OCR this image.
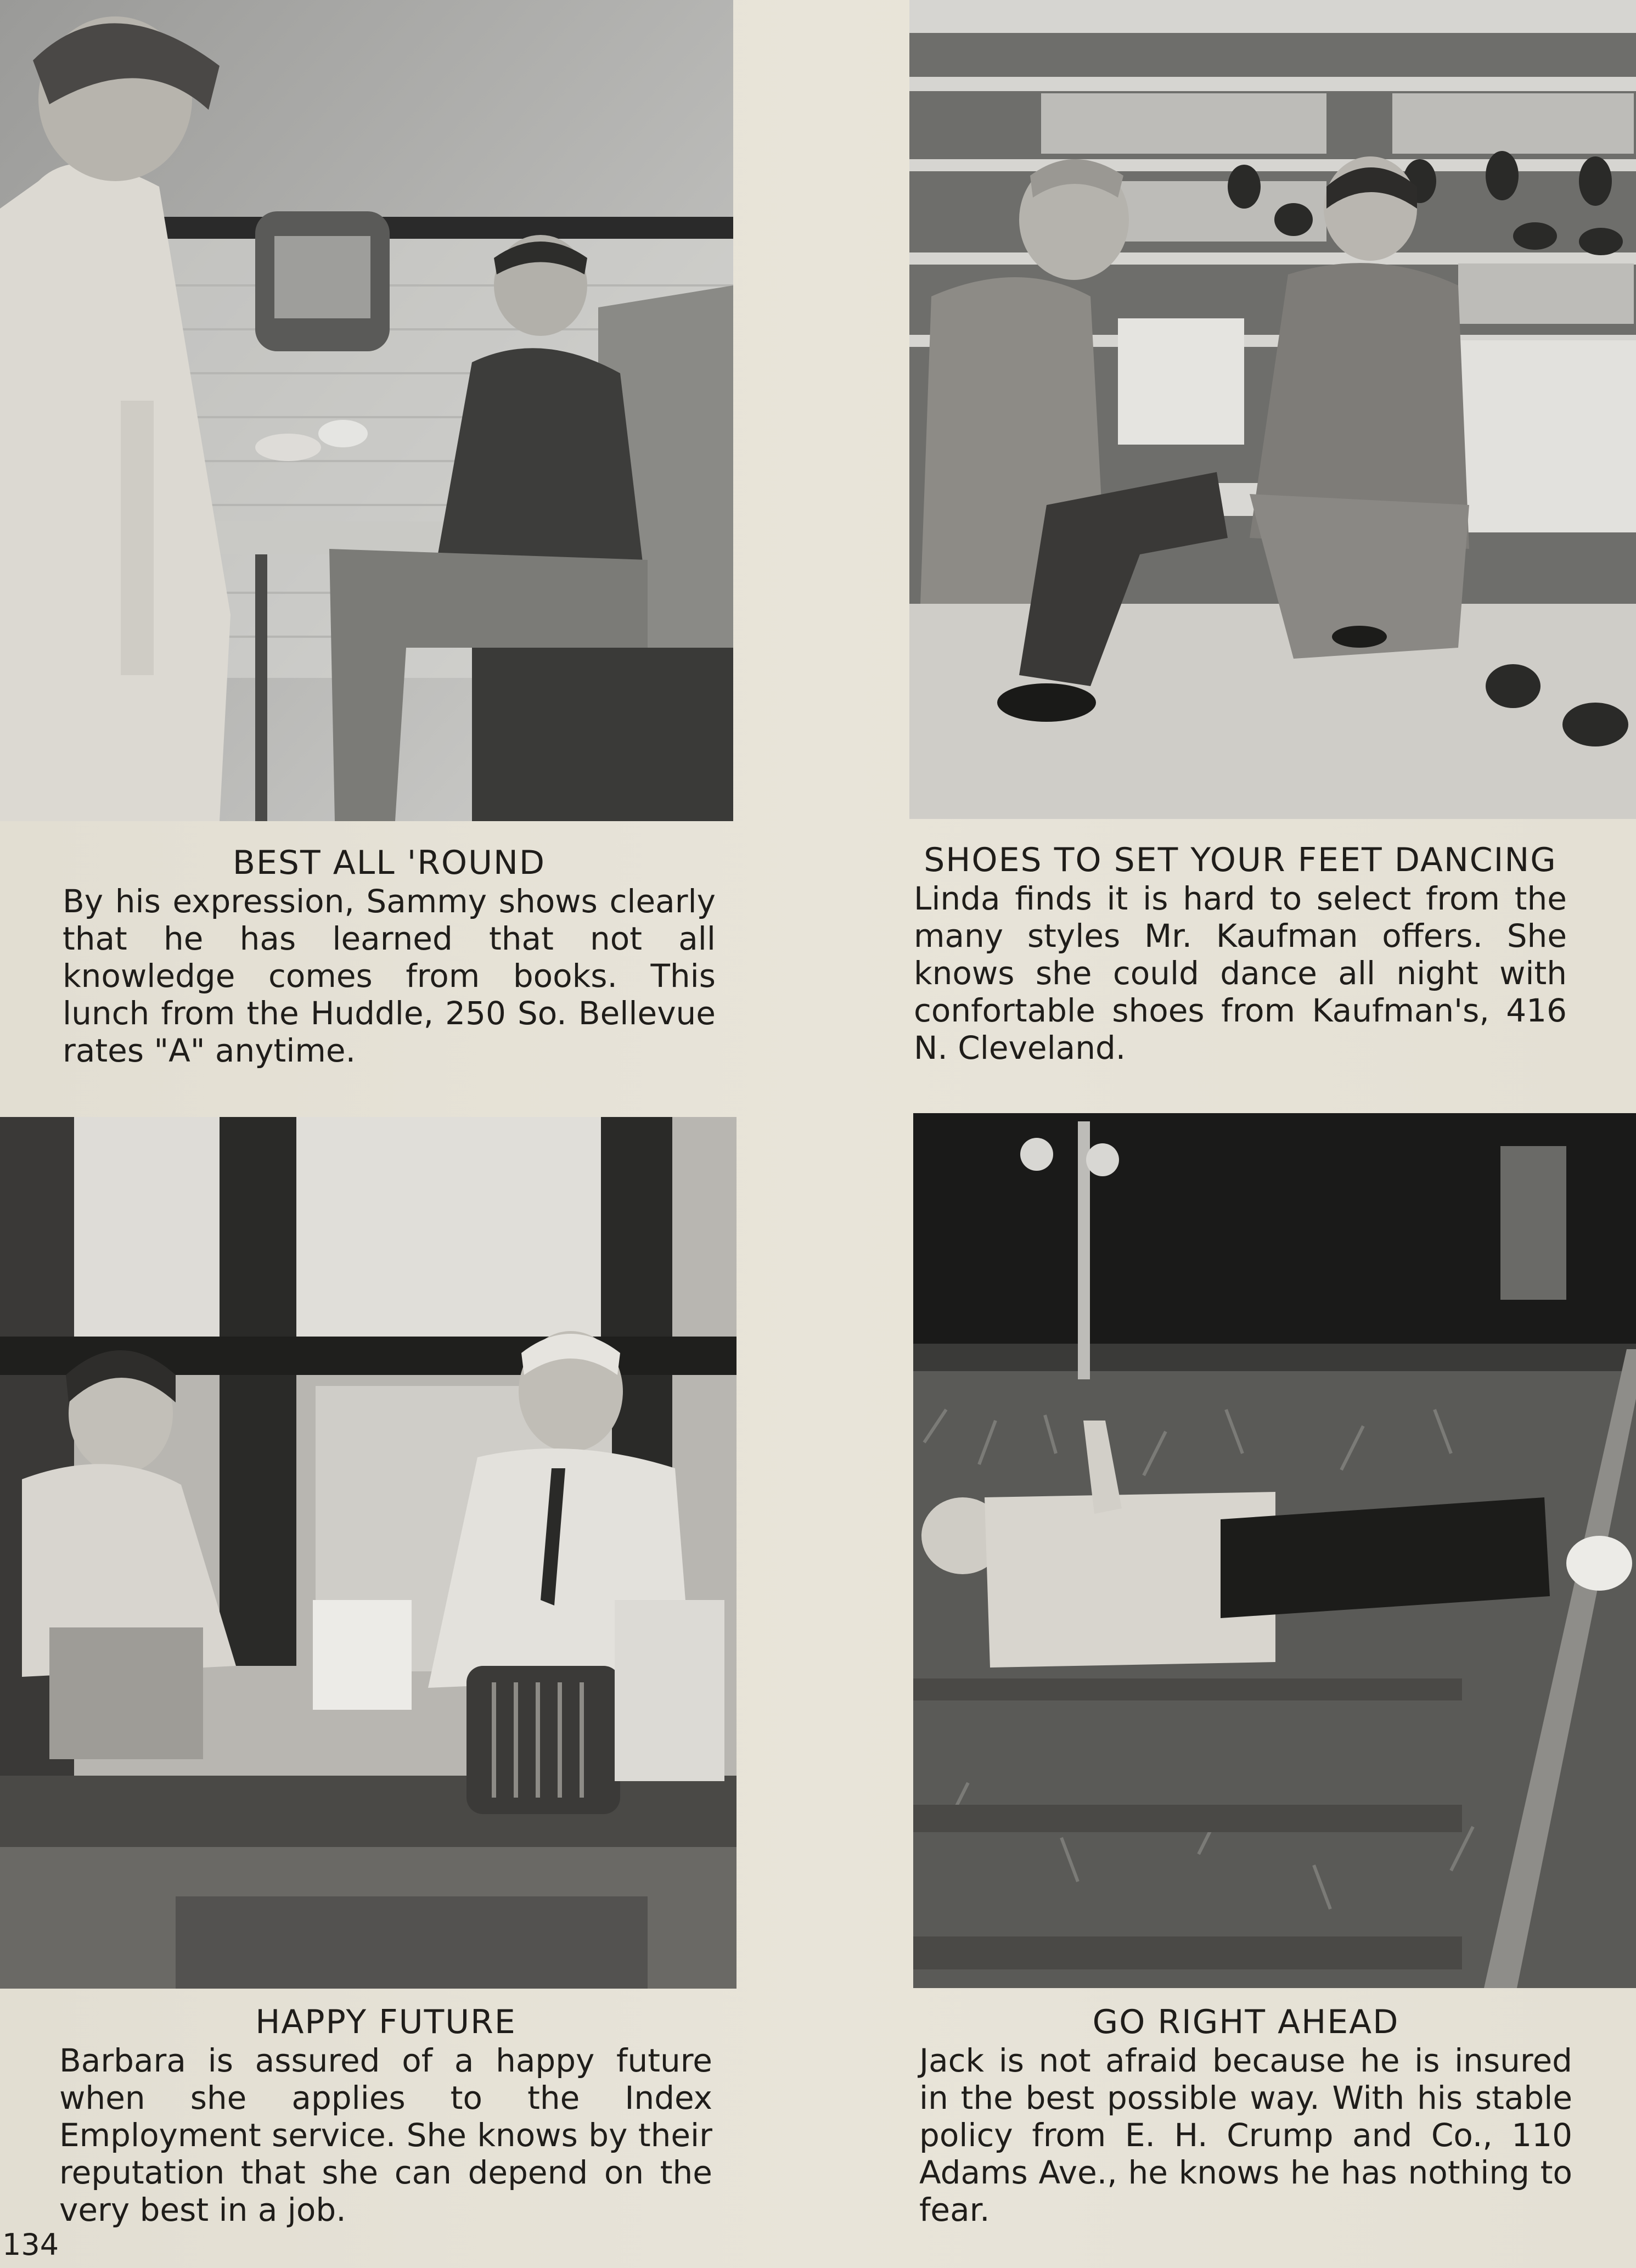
BEST ALL 'ROUND
By his expression, Sammy shows clearly that he has learned that not all knowledge comes from books. This lunch from the Huddle, 250 So. Bellevue rates "A" anytime.
SHOES TO SET YOUR FEET DANCING
Linda finds it is hard to select from the many styles Mr. Kaufman offers. She knows she could dance all night with confortable shoes from Kaufman's, 416 N. Cleveland.
HAPPY FUTURE
Barbara is assured of a happy future when she applies to the Index Employment service. She knows by their reputation that she can depend on the very best in a job.
GO RIGHT AHEAD
Jack is not afraid because he is insured in the best possible way. With his stable policy from E. H. Crump and Co., 110 Adams Ave., he knows he has nothing to fear.
134
